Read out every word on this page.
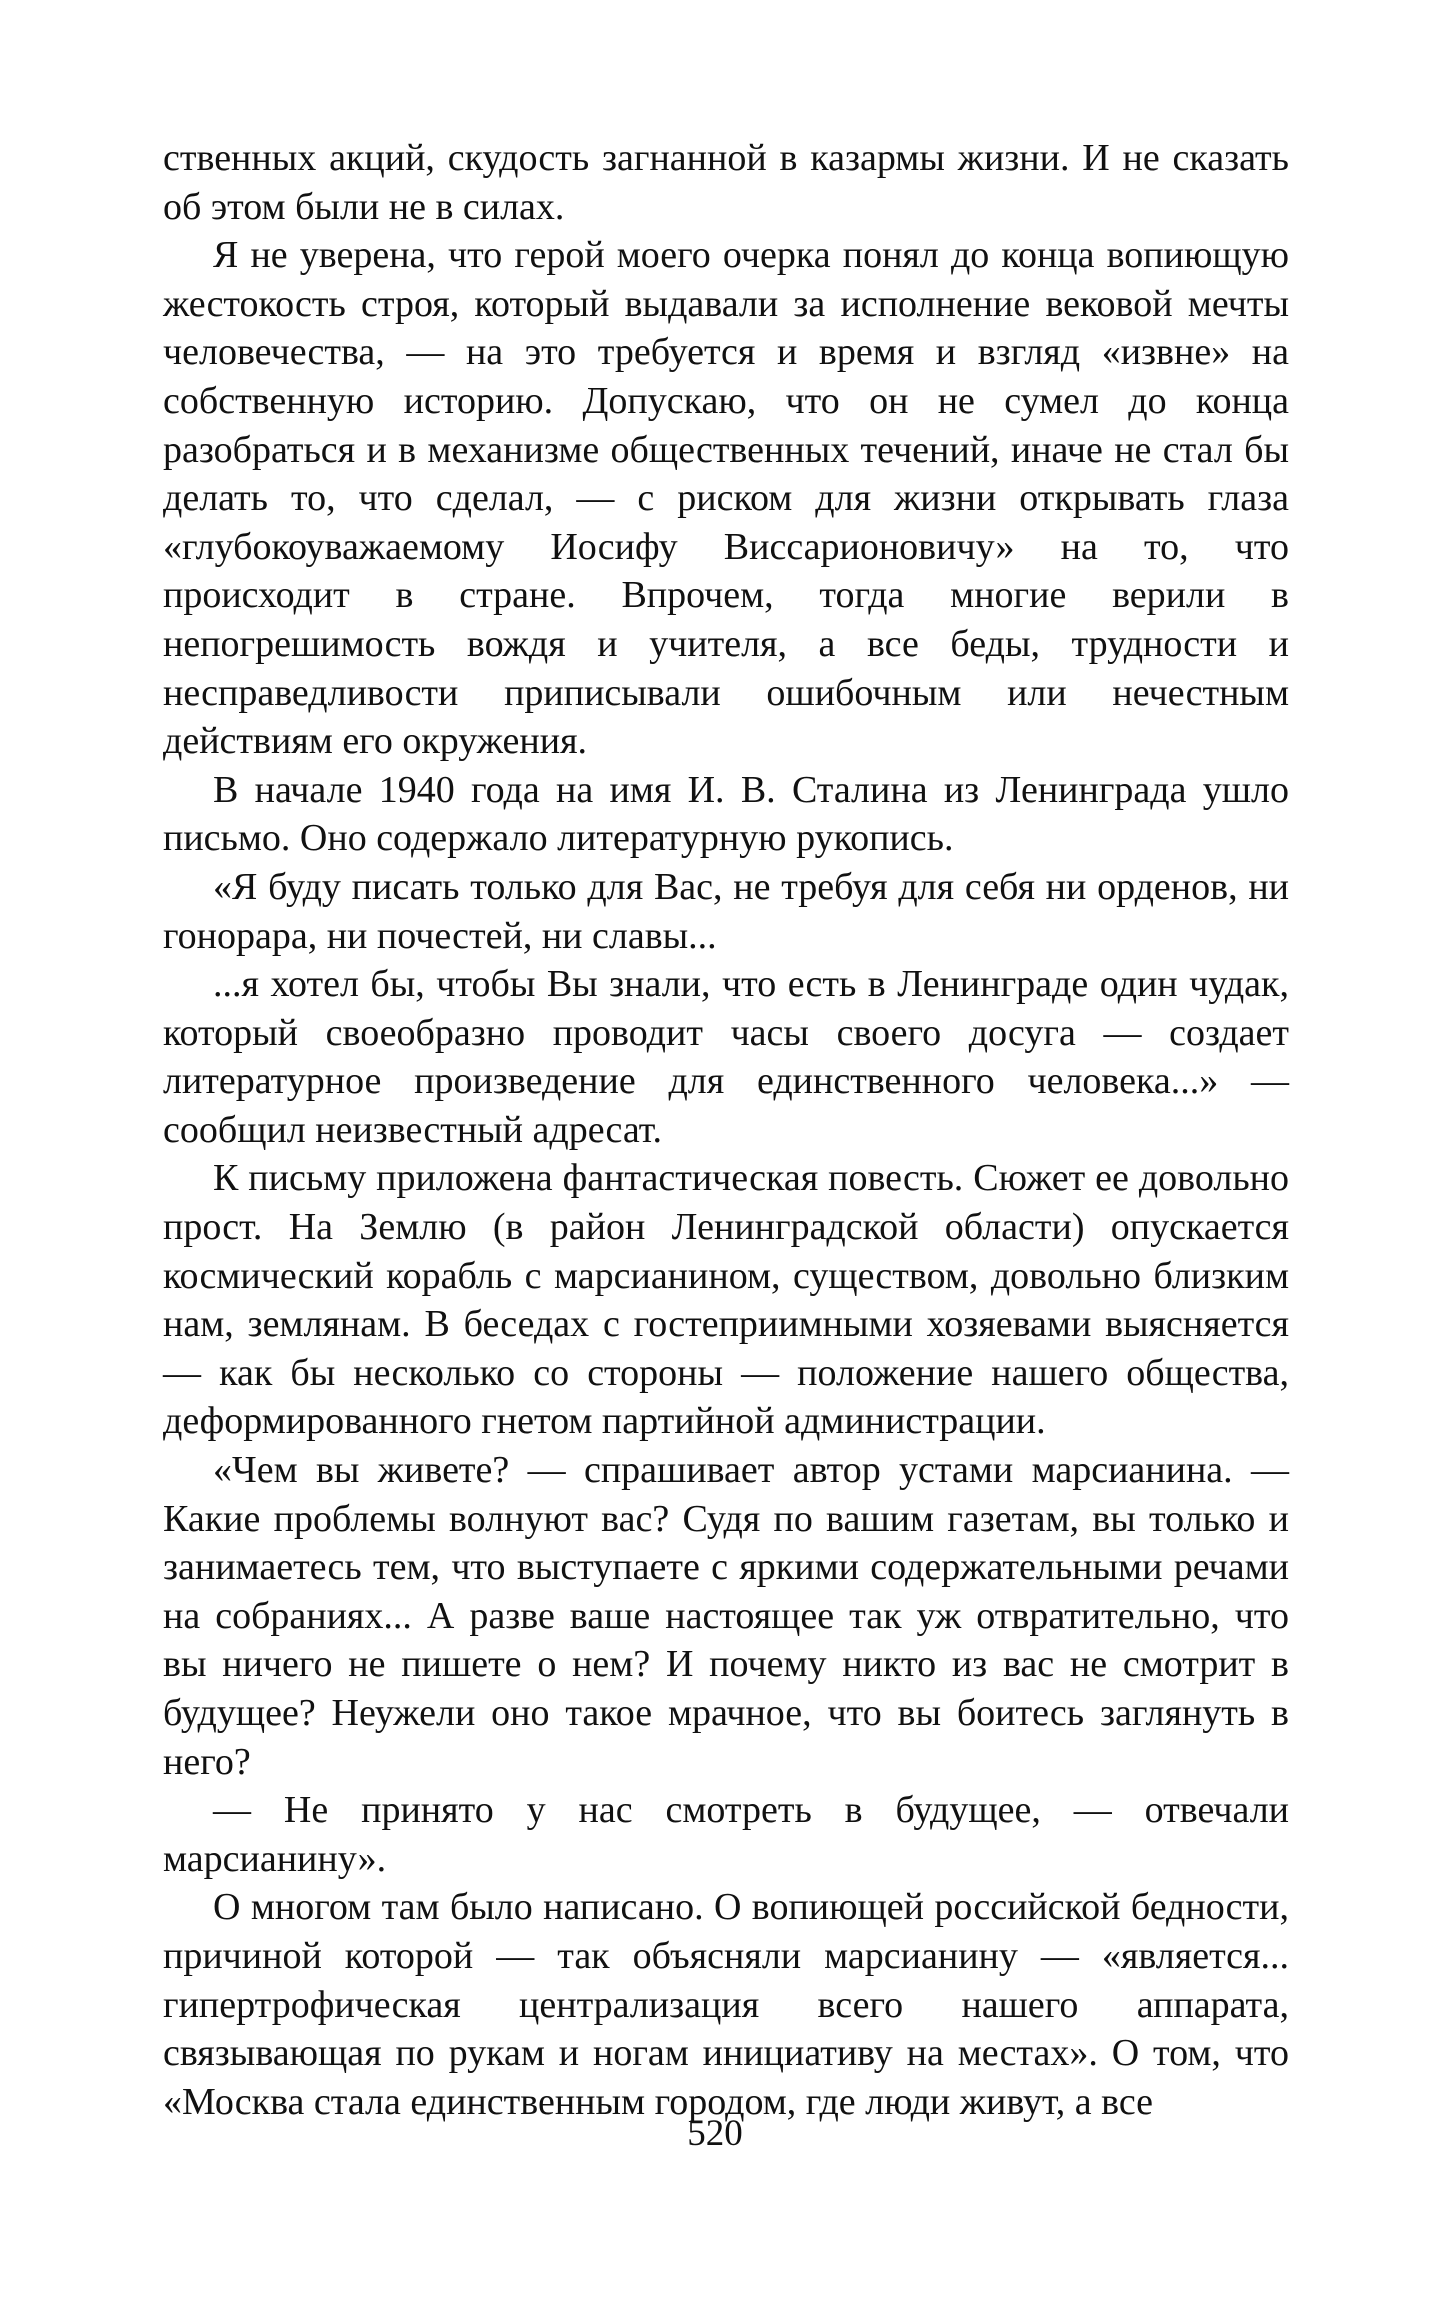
ственных акций, скудость загнанной в казармы жизни. И не сказать об этом были не в силах.

Я не уверена, что герой моего очерка понял до конца вопиющую жестокость строя, который выдавали за исполнение вековой мечты человечества, — на это требуется и время и взгляд «извне» на собственную историю. Допускаю, что он не сумел до конца разобраться и в механизме общественных течений, иначе не стал бы делать то, что сделал, — с риском для жизни открывать глаза «глубокоуважаемому Иосифу Виссарионовичу» на то, что происходит в стране. Впрочем, тогда многие верили в непогрешимость вождя и учителя, а все беды, трудности и несправедливости приписывали ошибочным или нечестным действиям его окружения.

В начале 1940 года на имя И. В. Сталина из Ленинграда ушло письмо. Оно содержало литературную рукопись.

«Я буду писать только для Вас, не требуя для себя ни орденов, ни гонорара, ни почестей, ни славы...

...я хотел бы, чтобы Вы знали, что есть в Ленинграде один чудак, который своеобразно проводит часы своего досуга — создает литературное произведение для единственного человека...» — сообщил неизвестный адресат.

К письму приложена фантастическая повесть. Сюжет ее довольно прост. На Землю (в район Ленинградской области) опускается космический корабль с марсианином, существом, довольно близким нам, землянам. В беседах с гостеприимными хозяевами выясняется — как бы несколько со стороны — положение нашего общества, деформированного гнетом партийной администрации.

«Чем вы живете? — спрашивает автор устами марсианина. — Какие проблемы волнуют вас? Судя по вашим газетам, вы только и занимаетесь тем, что выступаете с яркими содержательными речами на собраниях... А разве ваше настоящее так уж отвратительно, что вы ничего не пишете о нем? И почему никто из вас не смотрит в будущее? Неужели оно такое мрачное, что вы боитесь заглянуть в него?

— Не принято у нас смотреть в будущее, — отвечали марсианину».

О многом там было написано. О вопиющей российской бедности, причиной которой — так объясняли марсианину — «является... гипертрофическая централизация всего нашего аппарата, связывающая по рукам и ногам инициативу на местах». О том, что «Москва стала единственным городом, где люди живут, а все

520
